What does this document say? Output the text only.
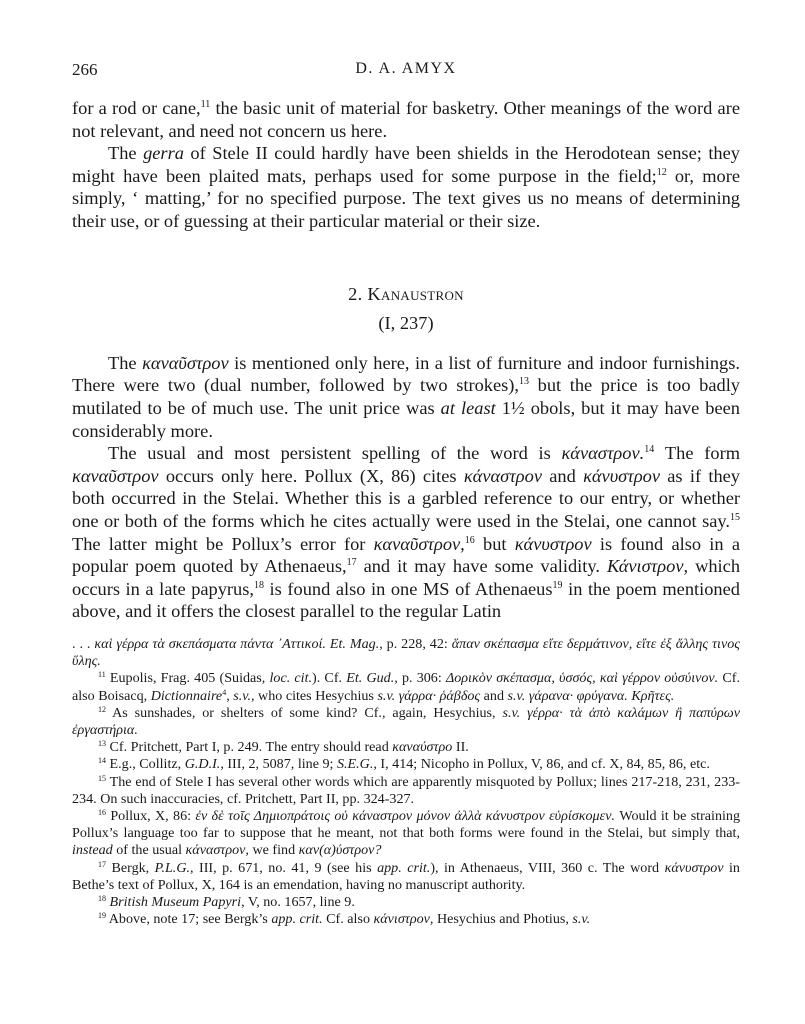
266	D. A. AMYX

for a rod or cane,$^{11}$ the basic unit of material for basketry. Other meanings of the word are not relevant, and need not concern us here.

The gerra of Stele II could hardly have been shields in the Herodotean sense; they might have been plaited mats, perhaps used for some purpose in the field;$^{12}$ or, more simply, ‘ matting,’ for no specified purpose. The text gives us no means of determining their use, or of guessing at their particular material or their size.

2. Kanaustron
(I, 237)

The καναῦστρον is mentioned only here, in a list of furniture and indoor furnishings. There were two (dual number, followed by two strokes),$^{13}$ but the price is too badly mutilated to be of much use. The unit price was at least 1½ obols, but it may have been considerably more.

The usual and most persistent spelling of the word is κάναστρον.$^{14}$ The form καναῦστρον occurs only here. Pollux (X, 86) cites κάναστρον and κάνυστρον as if they both occurred in the Stelai. Whether this is a garbled reference to our entry, or whether one or both of the forms which he cites actually were used in the Stelai, one cannot say.$^{15}$ The latter might be Pollux’s error for καναῦστρον,$^{16}$ but κάνυστρον is found also in a popular poem quoted by Athenaeus,$^{17}$ and it may have some validity. Κάνιστρον, which occurs in a late papyrus,$^{18}$ is found also in one MS of Athenaeus$^{19}$ in the poem mentioned above, and it offers the closest parallel to the regular Latin

. . . καὶ γέρρα τὰ σκεπάσματα πάντα ᾿Αττικοί. Et. Mag., p. 228, 42: ἅπαν σκέπασμα εἴτε δερμάτινον, εἴτε ἐξ ἄλλης τινος ὕλης.

$^{11}$ Eupolis, Frag. 405 (Suidas, loc. cit.). Cf. Et. Gud., p. 306: Δορικὸν σκέπασμα, ὑσσός, καὶ γέρρον οὐσύινον. Cf. also Boisacq, Dictionnaire$^4$, s.v., who cites Hesychius s.v. γάρρα· ῥάβδος and s.v. γάρανα· φρύγανα. Κρῆτες.

$^{12}$ As sunshades, or shelters of some kind? Cf., again, Hesychius, s.v. γέρρα· τὰ ἀπὸ καλάμων ἢ παπύρων ἐργαστήρια.

$^{13}$ Cf. Pritchett, Part I, p. 249. The entry should read καναύστρο II.

$^{14}$ E.g., Collitz, G.D.I., III, 2, 5087, line 9; S.E.G., I, 414; Nicopho in Pollux, V, 86, and cf. X, 84, 85, 86, etc.

$^{15}$ The end of Stele I has several other words which are apparently misquoted by Pollux; lines 217-218, 231, 233-234. On such inaccuracies, cf. Pritchett, Part II, pp. 324-327.

$^{16}$ Pollux, X, 86: ἐν δὲ τοῖς Δημιοπράτοις οὐ κάναστρον μόνον ἀλλὰ κάνυστρον εὑρίσκομεν. Would it be straining Pollux’s language too far to suppose that he meant, not that both forms were found in the Stelai, but simply that, instead of the usual κάναστρον, we find καν(α)ύστρον?

$^{17}$ Bergk, P.L.G., III, p. 671, no. 41, 9 (see his app. crit.), in Athenaeus, VIII, 360 c. The word κάνυστρον in Bethe’s text of Pollux, X, 164 is an emendation, having no manuscript authority.

$^{18}$ British Museum Papyri, V, no. 1657, line 9.

$^{19}$ Above, note 17; see Bergk’s app. crit. Cf. also κάνιστρον, Hesychius and Photius, s.v.
